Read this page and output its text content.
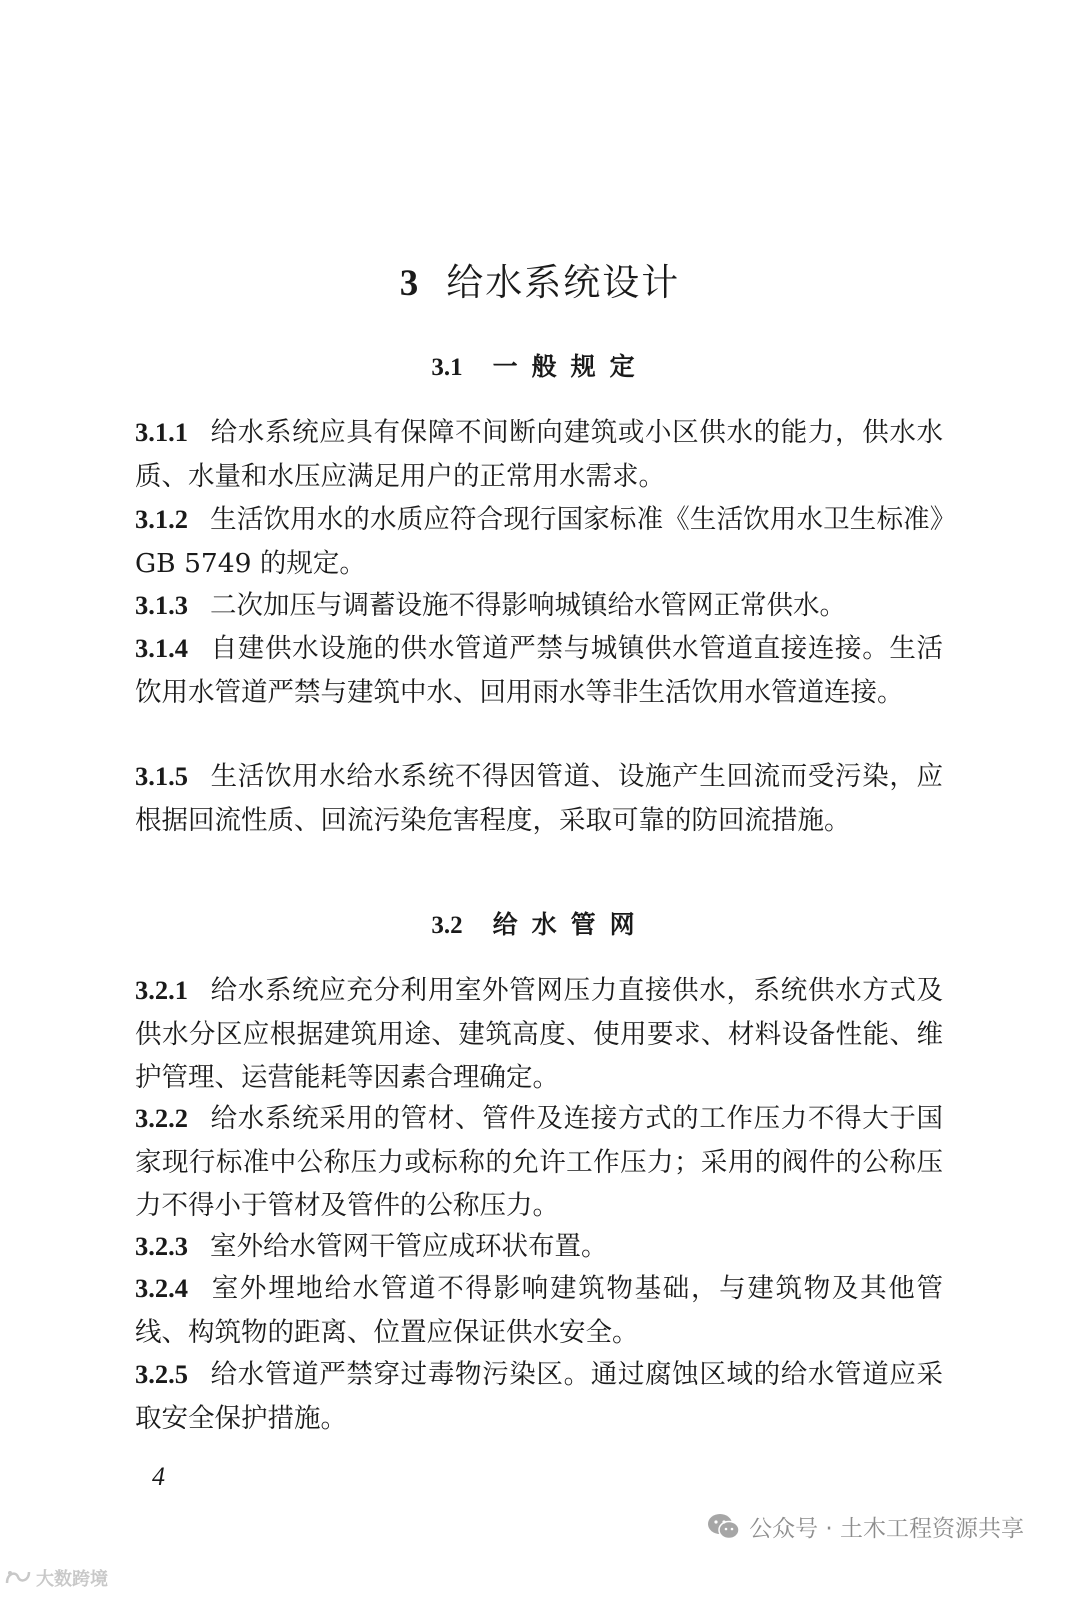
3 给水系统设计
3.1 一般规定
3.1.1 给水系统应具有保障不间断向建筑或小区供水的能力，供水水质、水量和水压应满足用户的正常用水需求。
3.1.2 生活饮用水的水质应符合现行国家标准《生活饮用水卫生标准》GB 5749 的规定。
3.1.3 二次加压与调蓄设施不得影响城镇给水管网正常供水。
3.1.4 自建供水设施的供水管道严禁与城镇供水管道直接连接。生活饮用水管道严禁与建筑中水、回用雨水等非生活饮用水管道连接。
3.1.5 生活饮用水给水系统不得因管道、设施产生回流而受污染，应根据回流性质、回流污染危害程度，采取可靠的防回流措施。
3.2 给水管网
3.2.1 给水系统应充分利用室外管网压力直接供水，系统供水方式及供水分区应根据建筑用途、建筑高度、使用要求、材料设备性能、维护管理、运营能耗等因素合理确定。
3.2.2 给水系统采用的管材、管件及连接方式的工作压力不得大于国家现行标准中公称压力或标称的允许工作压力；采用的阀件的公称压力不得小于管材及管件的公称压力。
3.2.3 室外给水管网干管应成环状布置。
3.2.4 室外埋地给水管道不得影响建筑物基础，与建筑物及其他管线、构筑物的距离、位置应保证供水安全。
3.2.5 给水管道严禁穿过毒物污染区。通过腐蚀区域的给水管道应采取安全保护措施。
4
公众号 · 土木工程资源共享
大数跨境
